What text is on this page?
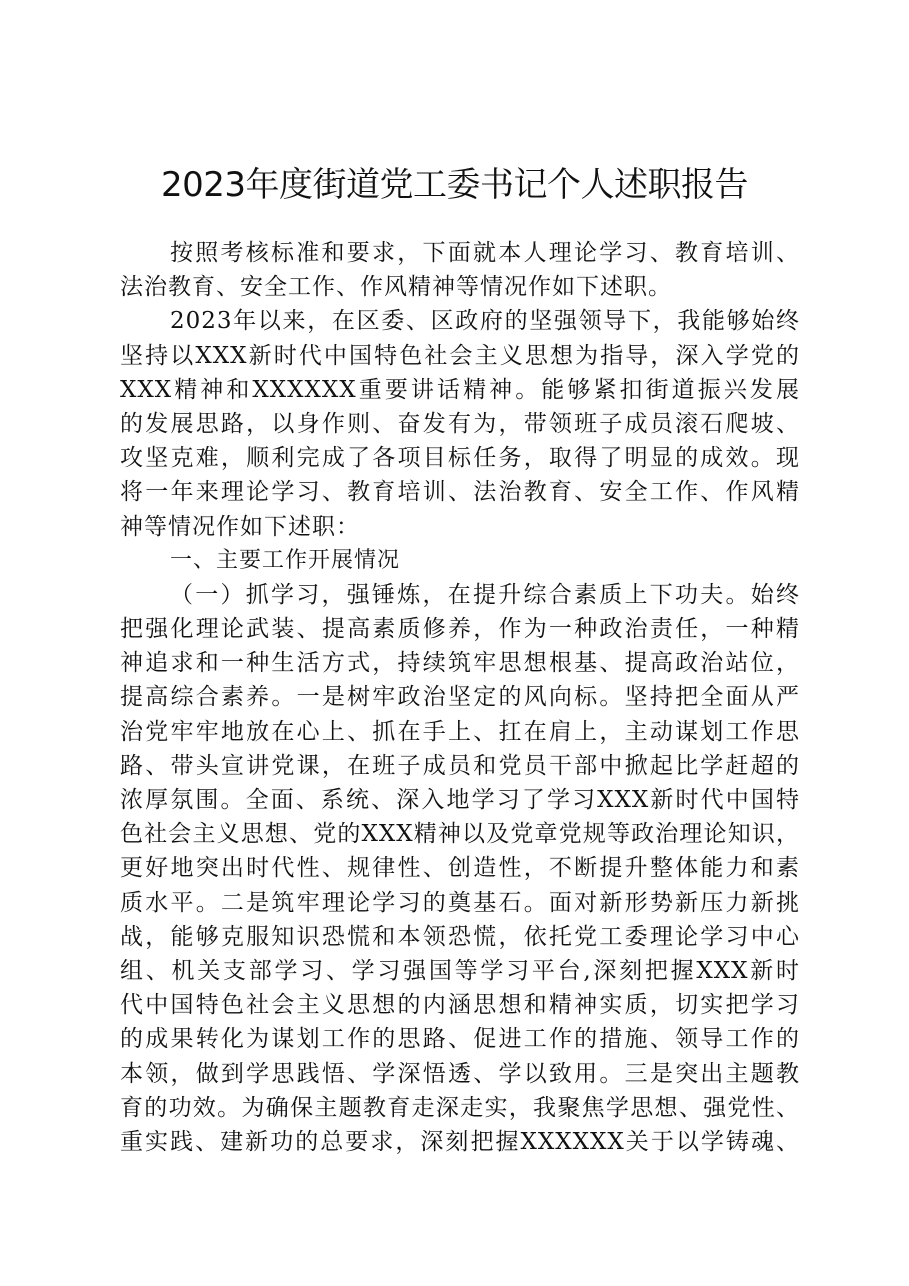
2023年度街道党工委书记个人述职报告
按照考核标准和要求，下面就本人理论学习、教育培训、
法治教育、安全工作、作风精神等情况作如下述职。
2023年以来，在区委、区政府的坚强领导下，我能够始终
坚持以XXX新时代中国特色社会主义思想为指导，深入学党的
XXX精神和XXXXXX重要讲话精神。能够紧扣街道振兴发展
的发展思路，以身作则、奋发有为，带领班子成员滚石爬坡、
攻坚克难，顺利完成了各项目标任务，取得了明显的成效。现
将一年来理论学习、教育培训、法治教育、安全工作、作风精
神等情况作如下述职：
一、主要工作开展情况
（一）抓学习，强锤炼，在提升综合素质上下功夫。始终
把强化理论武装、提高素质修养，作为一种政治责任，一种精
神追求和一种生活方式，持续筑牢思想根基、提高政治站位，
提高综合素养。一是树牢政治坚定的风向标。坚持把全面从严
治党牢牢地放在心上、抓在手上、扛在肩上，主动谋划工作思
路、带头宣讲党课，在班子成员和党员干部中掀起比学赶超的
浓厚氛围。全面、系统、深入地学习了学习XXX新时代中国特
色社会主义思想、党的XXX精神以及党章党规等政治理论知识，
更好地突出时代性、规律性、创造性，不断提升整体能力和素
质水平。二是筑牢理论学习的奠基石。面对新形势新压力新挑
战，能够克服知识恐慌和本领恐慌，依托党工委理论学习中心
组、机关支部学习、学习强国等学习平台,深刻把握XXX新时
代中国特色社会主义思想的内涵思想和精神实质，切实把学习
的成果转化为谋划工作的思路、促进工作的措施、领导工作的
本领，做到学思践悟、学深悟透、学以致用。三是突出主题教
育的功效。为确保主题教育走深走实，我聚焦学思想、强党性、
重实践、建新功的总要求，深刻把握XXXXXX关于以学铸魂、
